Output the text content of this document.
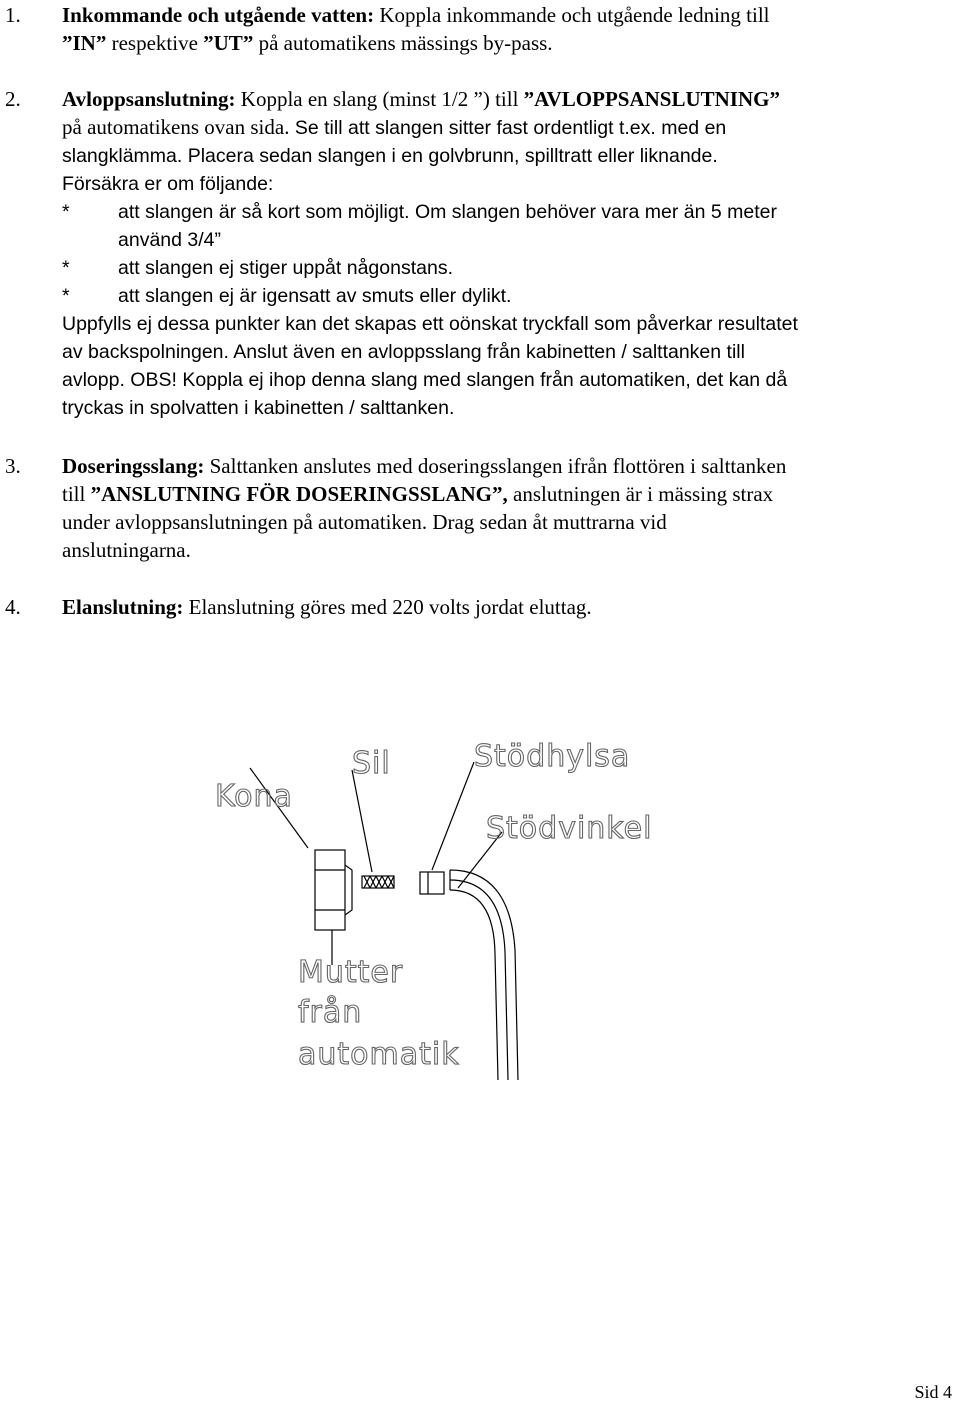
1. Inkommande och utgående vatten: Koppla inkommande och utgående ledning till
”IN” respektive ”UT” på automatikens mässings by-pass.
2. Avloppsanslutning: Koppla en slang (minst 1/2 ”) till ”AVLOPPSANSLUTNING”
på automatikens ovan sida. Se till att slangen sitter fast ordentligt t.ex. med en
slangklämma. Placera sedan slangen i en golvbrunn, spilltratt eller liknande.
Försäkra er om följande:
* att slangen är så kort som möjligt. Om slangen behöver vara mer än 5 meter
använd 3/4”
* att slangen ej stiger uppåt någonstans.
* att slangen ej är igensatt av smuts eller dylikt.
Uppfylls ej dessa punkter kan det skapas ett oönskat tryckfall som påverkar resultatet
av backspolningen. Anslut även en avloppsslang från kabinetten / salttanken till
avlopp. OBS! Koppla ej ihop denna slang med slangen från automatiken, det kan då
tryckas in spolvatten i kabinetten / salttanken.
3. Doseringsslang: Salttanken anslutes med doseringsslangen ifrån flottören i salttanken
till ”ANSLUTNING FÖR DOSERINGSSLANG”, anslutningen är i mässing strax
under avloppsanslutningen på automatiken. Drag sedan åt muttrarna vid
anslutningarna.
4. Elanslutning: Elanslutning göres med 220 volts jordat eluttag.
Kona
Sil	Stödhylsa
Stödvinkel
Mutter
från
automatik
Sid 4
